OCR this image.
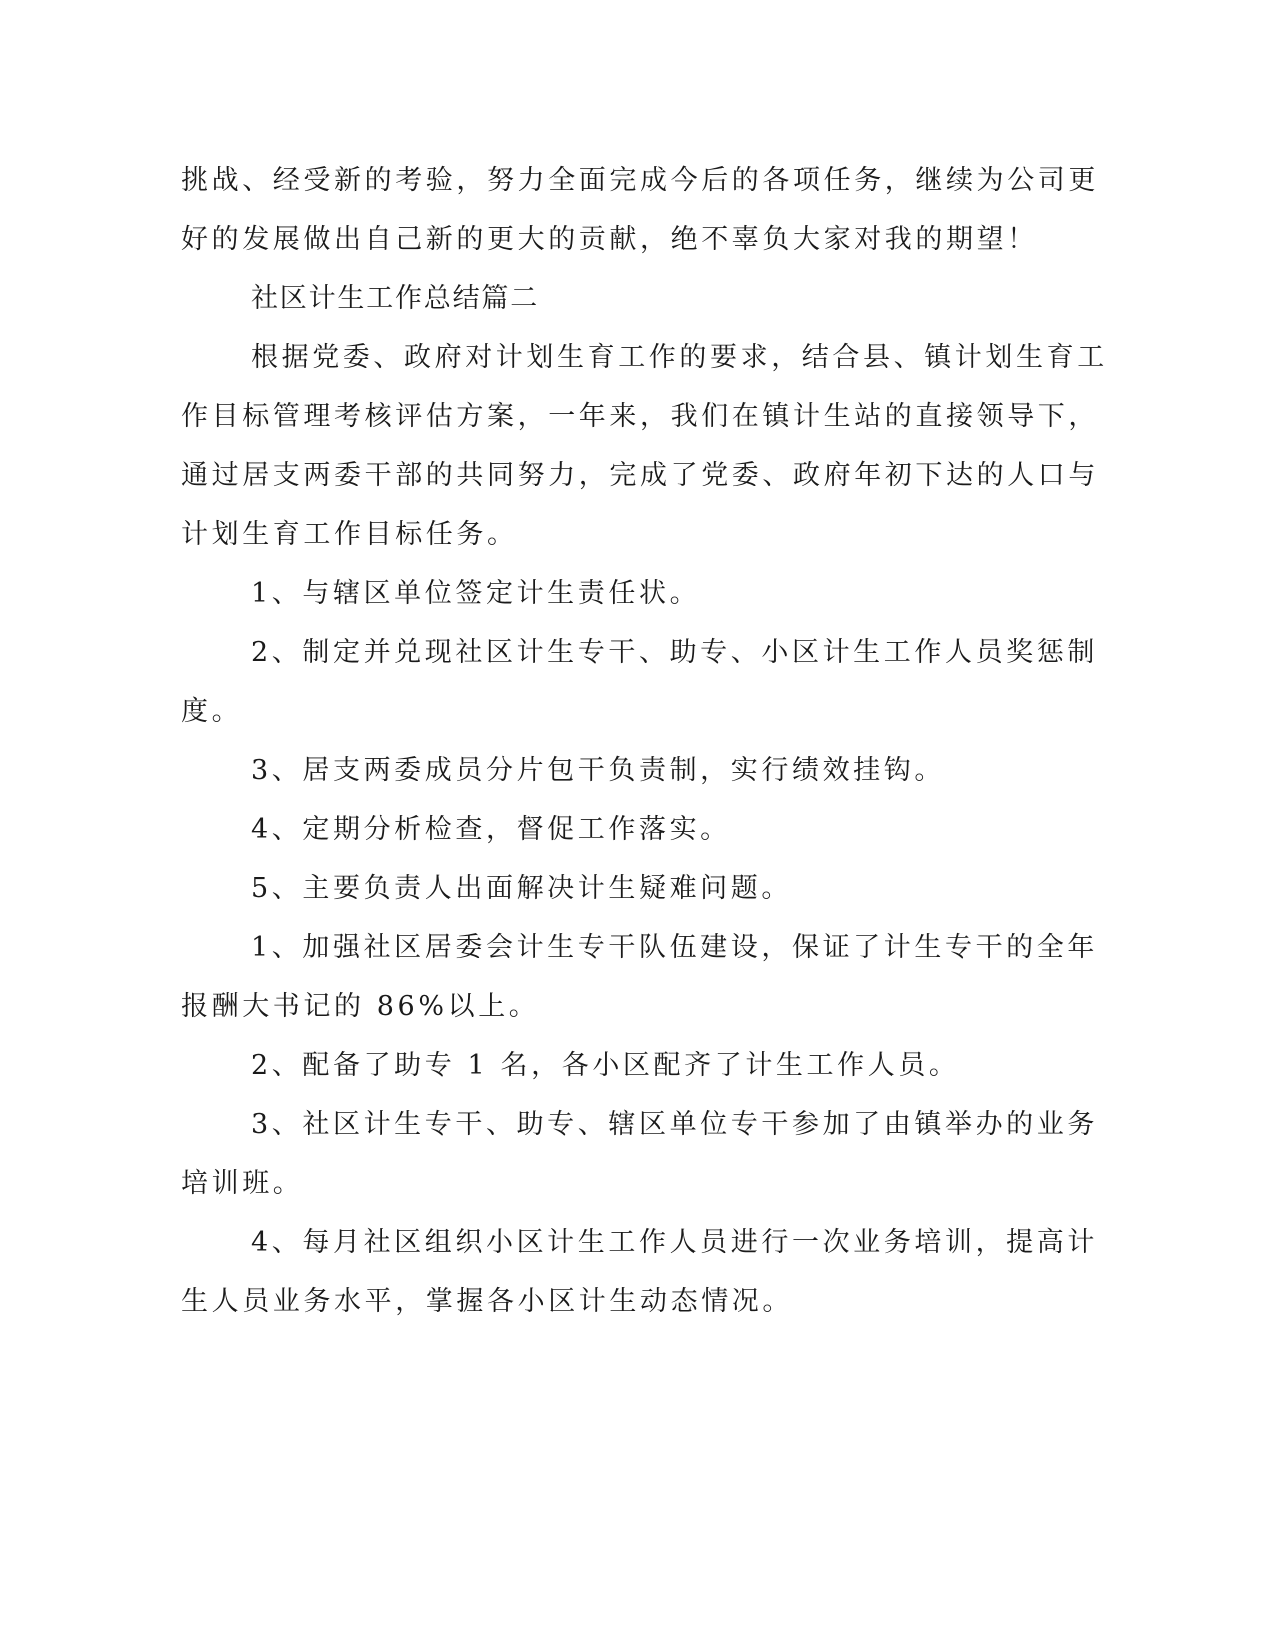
挑战、经受新的考验，努力全面完成今后的各项任务，继续为公司更
好的发展做出自己新的更大的贡献，绝不辜负大家对我的期望！
社区计生工作总结篇二
根据党委、政府对计划生育工作的要求，结合县、镇计划生育工
作目标管理考核评估方案，一年来，我们在镇计生站的直接领导下，
通过居支两委干部的共同努力，完成了党委、政府年初下达的人口与
计划生育工作目标任务。
1、与辖区单位签定计生责任状。
2、制定并兑现社区计生专干、助专、小区计生工作人员奖惩制
度。
3、居支两委成员分片包干负责制，实行绩效挂钩。
4、定期分析检查，督促工作落实。
5、主要负责人出面解决计生疑难问题。
1、加强社区居委会计生专干队伍建设，保证了计生专干的全年
报酬大书记的 86%以上。
2、配备了助专 1 名，各小区配齐了计生工作人员。
3、社区计生专干、助专、辖区单位专干参加了由镇举办的业务
培训班。
4、每月社区组织小区计生工作人员进行一次业务培训，提高计
生人员业务水平，掌握各小区计生动态情况。
